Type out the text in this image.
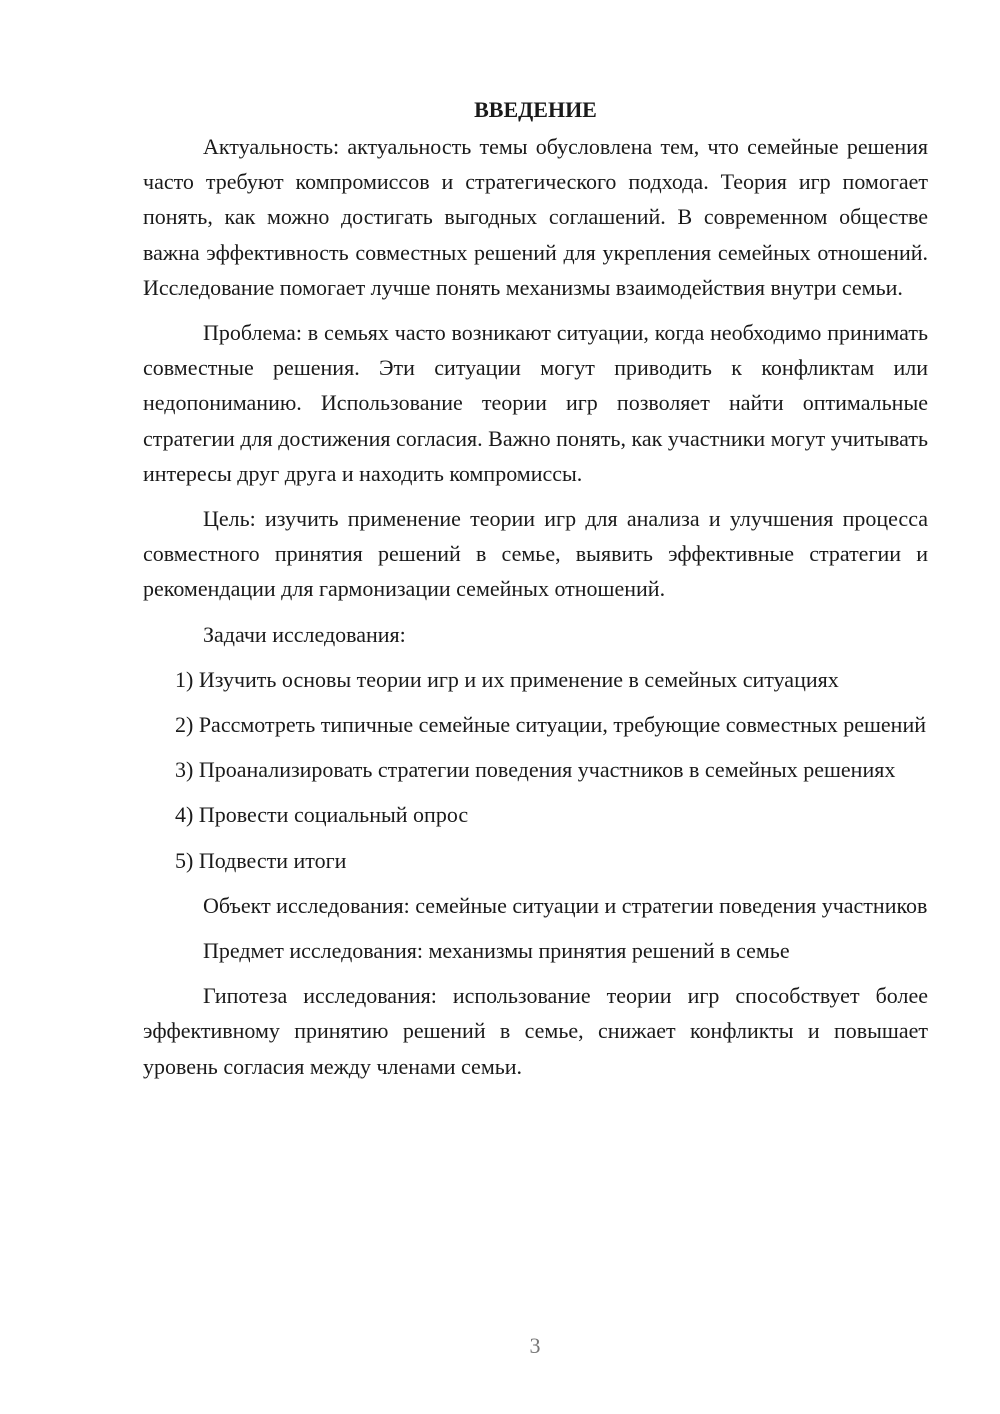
ВВЕДЕНИЕ

Актуальность: актуальность темы обусловлена тем, что семейные решения часто требуют компромиссов и стратегического подхода. Теория игр помогает понять, как можно достигать выгодных соглашений. В современном обществе важна эффективность совместных решений для укрепления семейных отношений. Исследование помогает лучше понять механизмы взаимодействия внутри семьи.

Проблема: в семьях часто возникают ситуации, когда необходимо принимать совместные решения. Эти ситуации могут приводить к конфликтам или недопониманию. Использование теории игр позволяет найти оптимальные стратегии для достижения согласия. Важно понять, как участники могут учитывать интересы друг друга и находить компромиссы.

Цель: изучить применение теории игр для анализа и улучшения процесса совместного принятия решений в семье, выявить эффективные стратегии и рекомендации для гармонизации семейных отношений.

Задачи исследования:

1) Изучить основы теории игр и их применение в семейных ситуациях

2) Рассмотреть типичные семейные ситуации, требующие совместных решений

3) Проанализировать стратегии поведения участников в семейных решениях

4) Провести социальный опрос

5) Подвести итоги

Объект исследования: семейные ситуации и стратегии поведения участников

Предмет исследования: механизмы принятия решений в семье

Гипотеза исследования: использование теории игр способствует более эффективному принятию решений в семье, снижает конфликты и повышает уровень согласия между членами семьи.

3
